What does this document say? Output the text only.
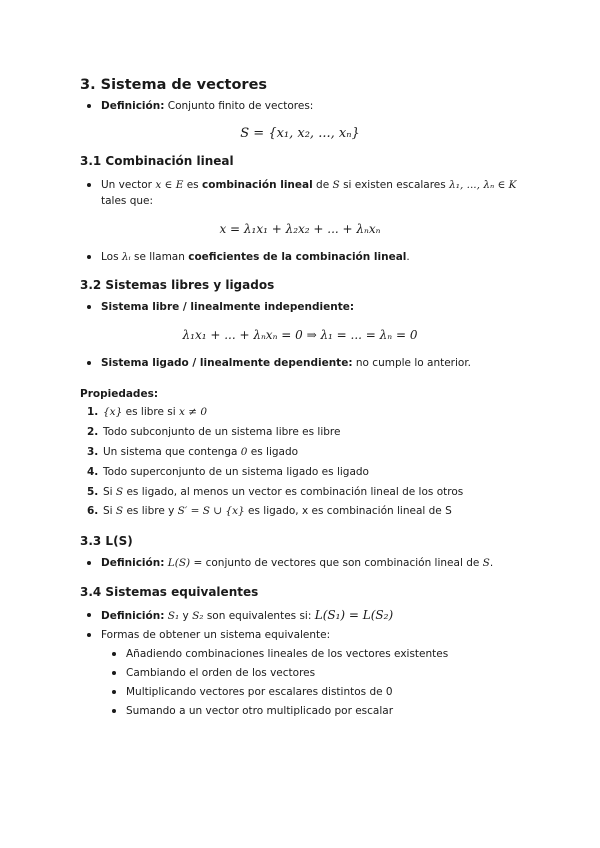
3. Sistema de vectores
Definición: Conjunto finito de vectores:
S = {x₁, x₂, ..., xₙ}
3.1 Combinación lineal
Un vector x ∈ E es combinación lineal de S si existen escalares λ₁, ..., λₙ ∈ K
tales que:
x = λ₁x₁ + λ₂x₂ + ... + λₙxₙ
Los λᵢ se llaman coeficientes de la combinación lineal.
3.2 Sistemas libres y ligados
Sistema libre / linealmente independiente:
λ₁x₁ + ... + λₙxₙ = 0 ⇒ λ₁ = ... = λₙ = 0
Sistema ligado / linealmente dependiente: no cumple lo anterior.
Propiedades:
1. {x} es libre si x ≠ 0
2. Todo subconjunto de un sistema libre es libre
3. Un sistema que contenga 0 es ligado
4. Todo superconjunto de un sistema ligado es ligado
5. Si S es ligado, al menos un vector es combinación lineal de los otros
6. Si S es libre y S′ = S ∪ {x} es ligado, x es combinación lineal de S
3.3 L(S)
Definición: L(S) = conjunto de vectores que son combinación lineal de S.
3.4 Sistemas equivalentes
Definición: S₁ y S₂ son equivalentes si: L(S₁) = L(S₂)
Formas de obtener un sistema equivalente:
Añadiendo combinaciones lineales de los vectores existentes
Cambiando el orden de los vectores
Multiplicando vectores por escalares distintos de 0
Sumando a un vector otro multiplicado por escalar
